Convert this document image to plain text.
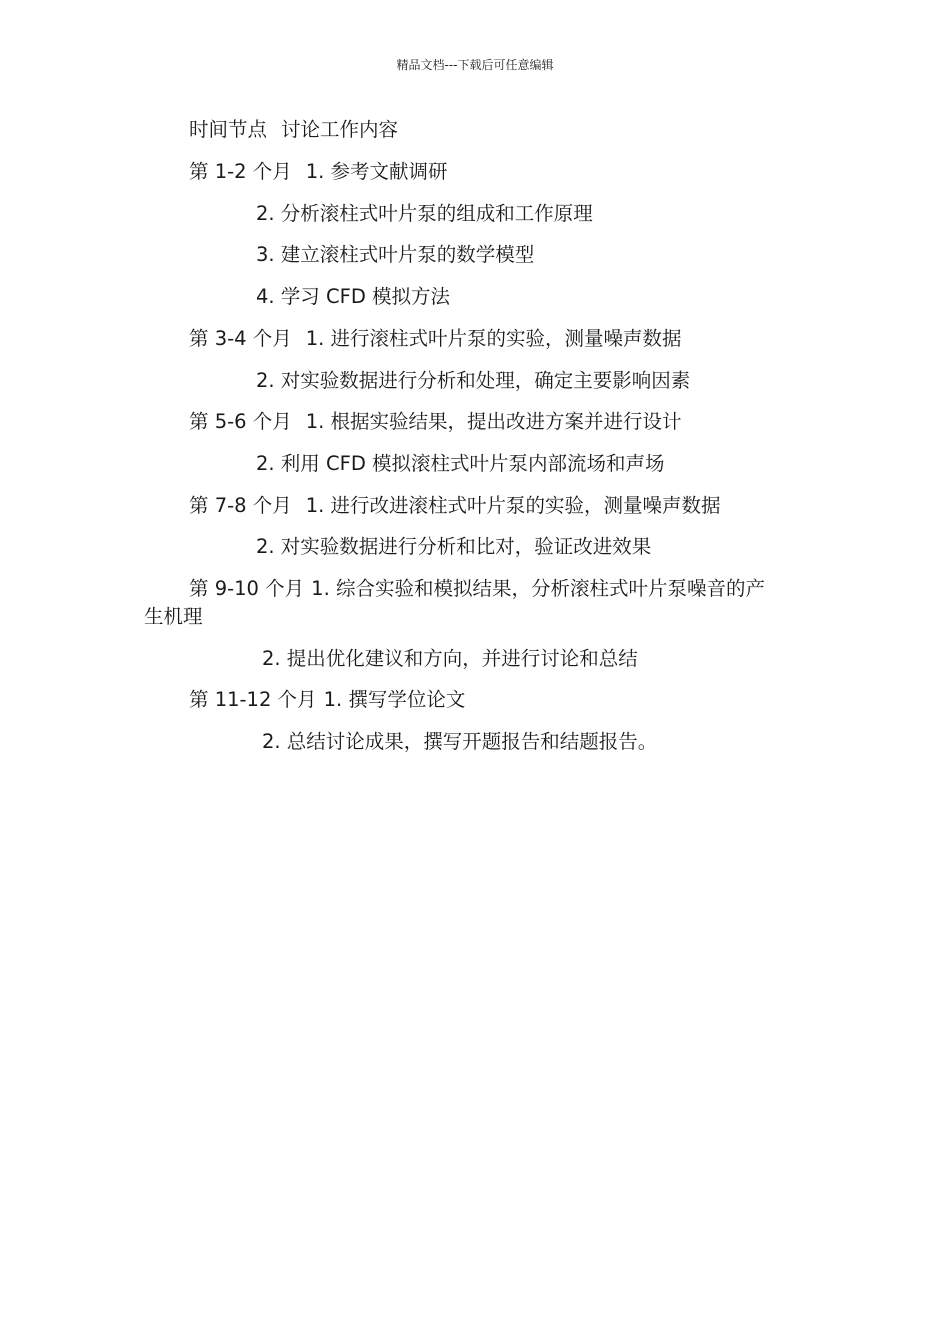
精品文档---下载后可任意编辑
时间节点 讨论工作内容
第 1-2 个月 1. 参考文献调研
2. 分析滚柱式叶片泵的组成和工作原理
3. 建立滚柱式叶片泵的数学模型
4. 学习 CFD 模拟方法
第 3-4 个月 1. 进行滚柱式叶片泵的实验，测量噪声数据
2. 对实验数据进行分析和处理，确定主要影响因素
第 5-6 个月 1. 根据实验结果，提出改进方案并进行设计
2. 利用 CFD 模拟滚柱式叶片泵内部流场和声场
第 7-8 个月 1. 进行改进滚柱式叶片泵的实验，测量噪声数据
2. 对实验数据进行分析和比对，验证改进效果
第 9-10 个月 1. 综合实验和模拟结果，分析滚柱式叶片泵噪音的产
生机理
2. 提出优化建议和方向，并进行讨论和总结
第 11-12 个月 1. 撰写学位论文
2. 总结讨论成果，撰写开题报告和结题报告。
